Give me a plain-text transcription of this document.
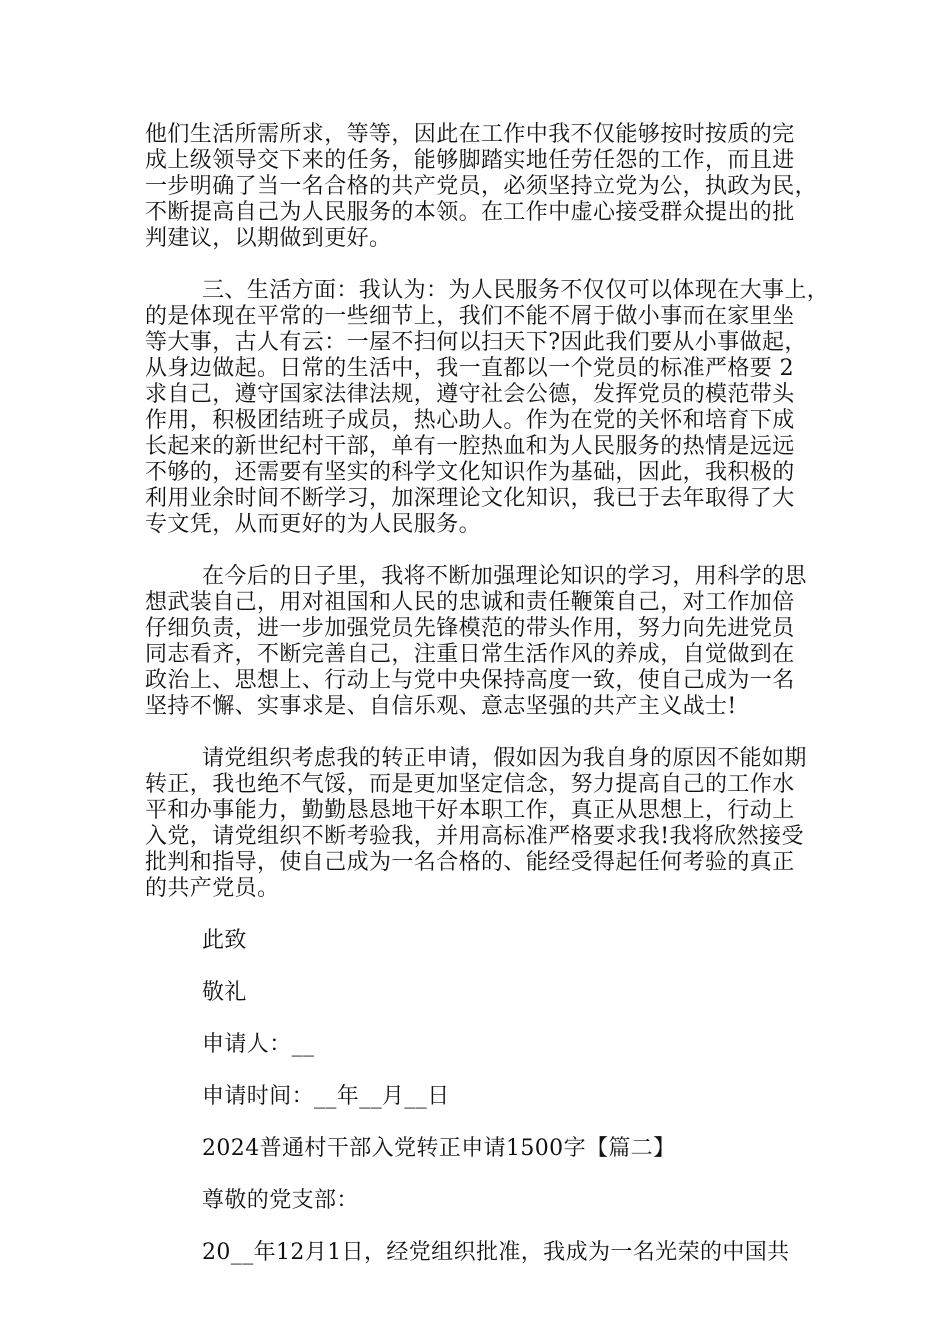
他们生活所需所求，等等，因此在工作中我不仅能够按时按质的完
成上级领导交下来的任务，能够脚踏实地任劳任怨的工作，而且进
一步明确了当一名合格的共产党员，必须坚持立党为公，执政为民，
不断提高自己为人民服务的本领。在工作中虚心接受群众提出的批
判建议，以期做到更好。
三、生活方面：我认为：为人民服务不仅仅可以体现在大事上，
的是体现在平常的一些细节上，我们不能不屑于做小事而在家里坐
等大事，古人有云：一屋不扫何以扫天下?因此我们要从小事做起，
从身边做起。日常的生活中，我一直都以一个党员的标准严格要 2
求自己，遵守国家法律法规，遵守社会公德，发挥党员的模范带头
作用，积极团结班子成员，热心助人。作为在党的关怀和培育下成
长起来的新世纪村干部，单有一腔热血和为人民服务的热情是远远
不够的，还需要有坚实的科学文化知识作为基础，因此，我积极的
利用业余时间不断学习，加深理论文化知识，我已于去年取得了大
专文凭，从而更好的为人民服务。
在今后的日子里，我将不断加强理论知识的学习，用科学的思
想武装自己，用对祖国和人民的忠诚和责任鞭策自己，对工作加倍
仔细负责，进一步加强党员先锋模范的带头作用，努力向先进党员
同志看齐，不断完善自己，注重日常生活作风的养成，自觉做到在
政治上、思想上、行动上与党中央保持高度一致，使自己成为一名
坚持不懈、实事求是、自信乐观、意志坚强的共产主义战士!
请党组织考虑我的转正申请，假如因为我自身的原因不能如期
转正，我也绝不气馁，而是更加坚定信念，努力提高自己的工作水
平和办事能力，勤勤恳恳地干好本职工作，真正从思想上，行动上
入党，请党组织不断考验我，并用高标准严格要求我!我将欣然接受
批判和指导，使自己成为一名合格的、能经受得起任何考验的真正
的共产党员。
此致
敬礼
申请人：__
申请时间：__年__月__日
2024普通村干部入党转正申请1500字【篇二】
尊敬的党支部：
20__年12月1日，经党组织批准，我成为一名光荣的中国共
